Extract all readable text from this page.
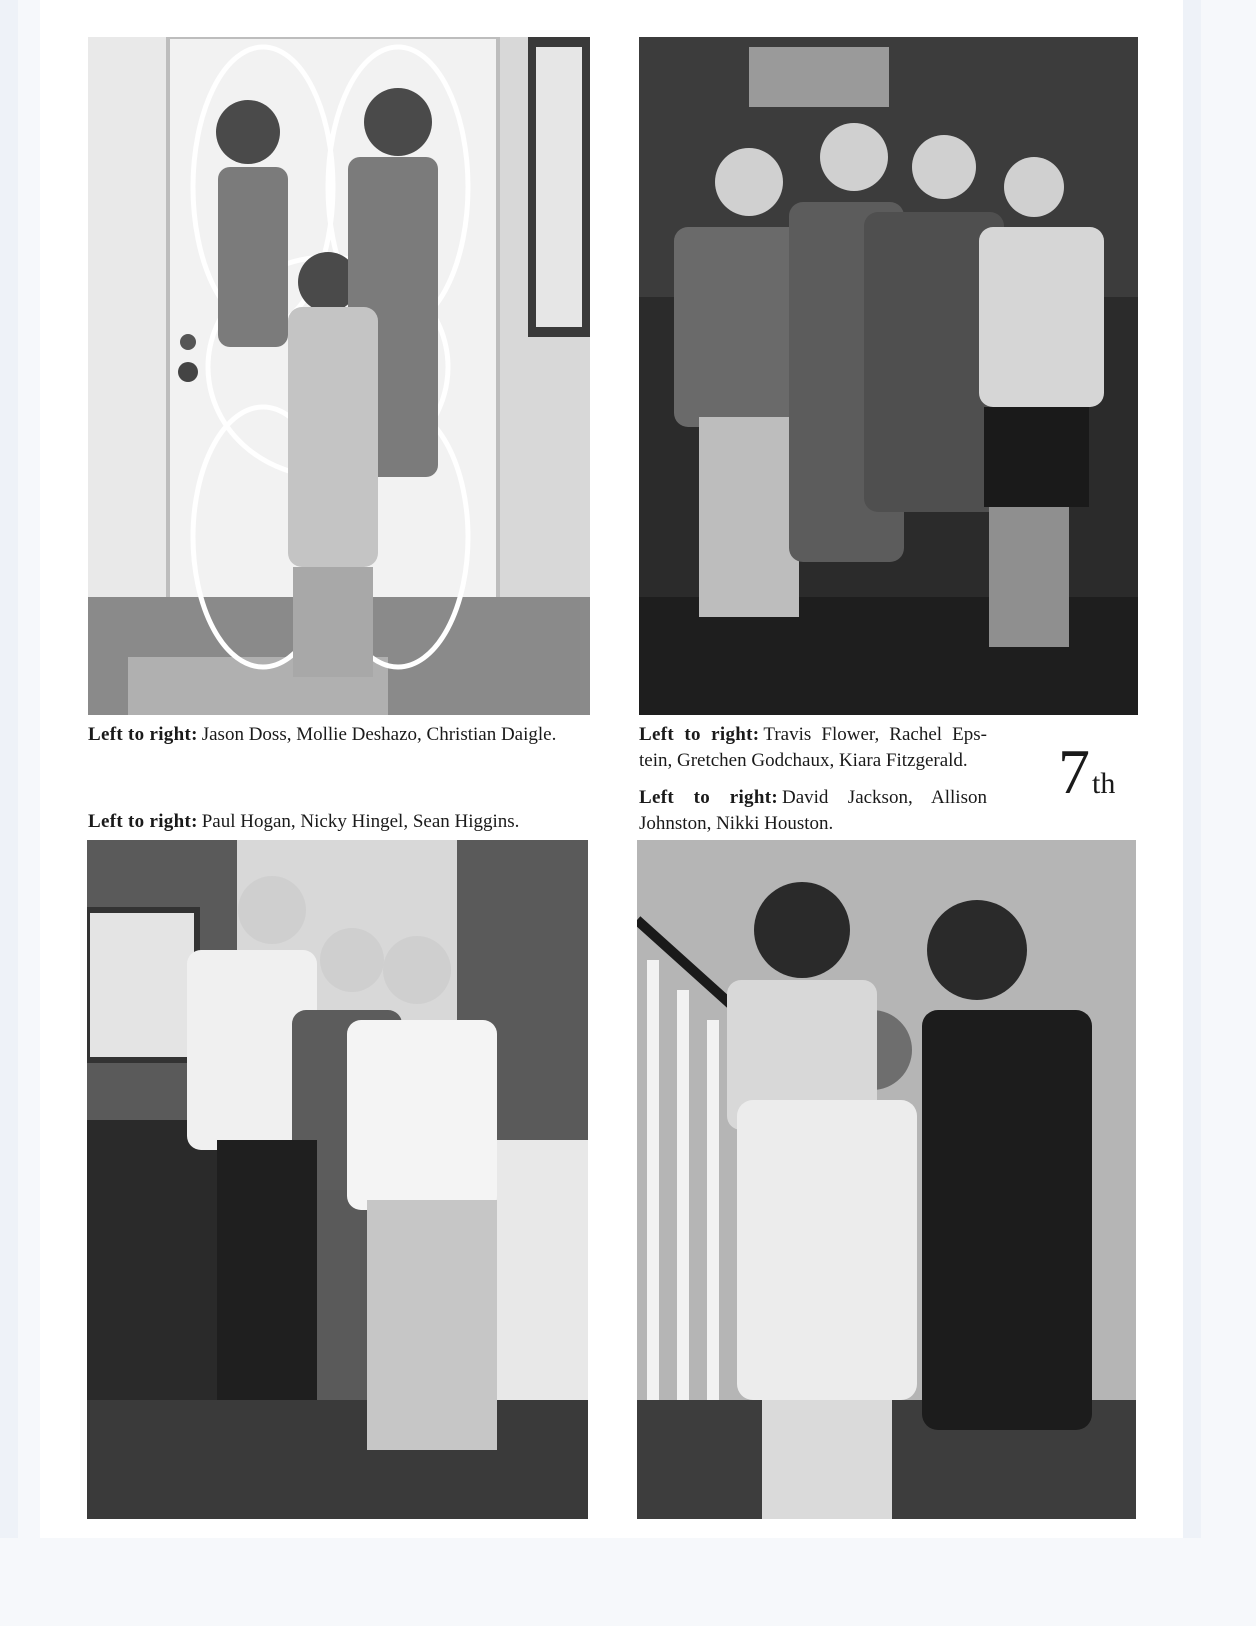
Left to right: Jason Doss, Mollie Deshazo, Christian Daigle.	Left to right: Travis Flower, Rachel Eps- tein, Gretchen Godchaux, Kiara Fitzgerald.	7th

Left to right: David Jackson, Allison Johnston, Nikki Houston.

Left to right: Paul Hogan, Nicky Hingel, Sean Higgins.
